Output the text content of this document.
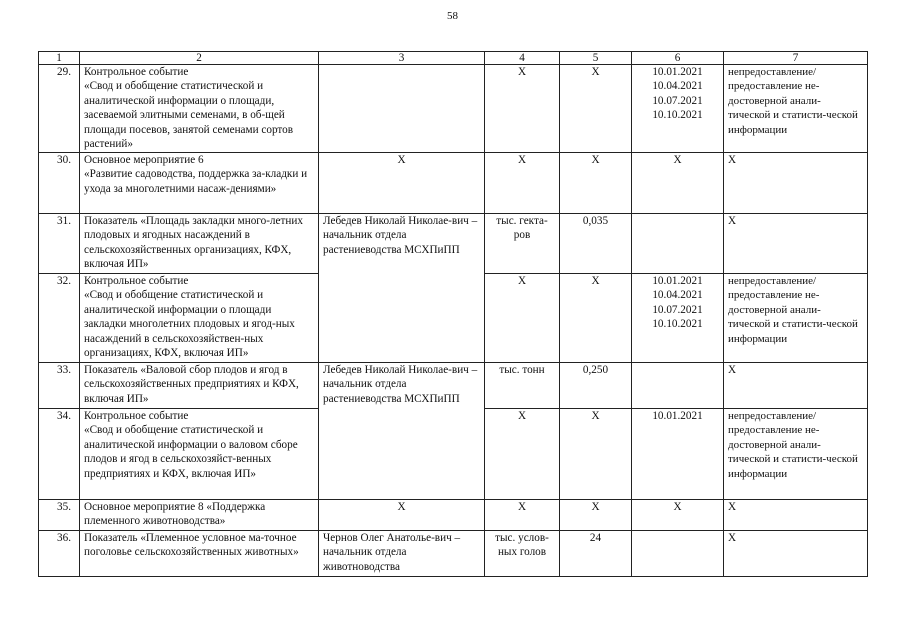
58
1	2	3	4	5	6	7
29.	Контрольное событие
«Свод и обобщение статистической и аналитической информации о площади, засеваемой элитными семенами, в об-щей площади посевов, занятой семенами сортов растений»		X	X	10.01.2021
10.04.2021
10.07.2021
10.10.2021	непредоставление/ предоставление не-достоверной анали-тической и статисти-ческой информации
30.	Основное мероприятие 6
«Развитие садоводства, поддержка за-кладки и ухода за многолетними насаж-дениями»	X	X	X	X	X
31.	Показатель «Площадь закладки много-летних плодовых и ягодных насаждений в сельскохозяйственных организациях, КФХ, включая ИП»	Лебедев Николай Николае-вич – начальник отдела растениеводства МСХПиПП	тыс. гекта-ров	0,035		X
32.	Контрольное событие
«Свод и обобщение статистической и аналитической информации о площади закладки многолетних плодовых и ягод-ных насаждений в сельскохозяйствен-ных организациях, КФХ, включая ИП»		X	X	10.01.2021
10.04.2021
10.07.2021
10.10.2021	непредоставление/ предоставление не-достоверной анали-тической и статисти-ческой информации
33.	Показатель «Валовой сбор плодов и ягод в сельскохозяйственных предприятиях и КФХ, включая ИП»	Лебедев Николай Николае-вич – начальник отдела растениеводства МСХПиПП	тыс. тонн	0,250		X
34.	Контрольное событие
«Свод и обобщение статистической и аналитической информации о валовом сборе плодов и ягод в сельскохозяйст-венных предприятиях и КФХ, включая ИП»		X	X	10.01.2021	непредоставление/ предоставление не-достоверной анали-тической и статисти-ческой информации
35.	Основное мероприятие 8 «Поддержка племенного животноводства»	X	X	X	X	X
36.	Показатель «Племенное условное ма-точное поголовье сельскохозяйственных животных»	Чернов Олег Анатолье-вич – начальник отдела животноводства	тыс. услов-ных голов	24		X
